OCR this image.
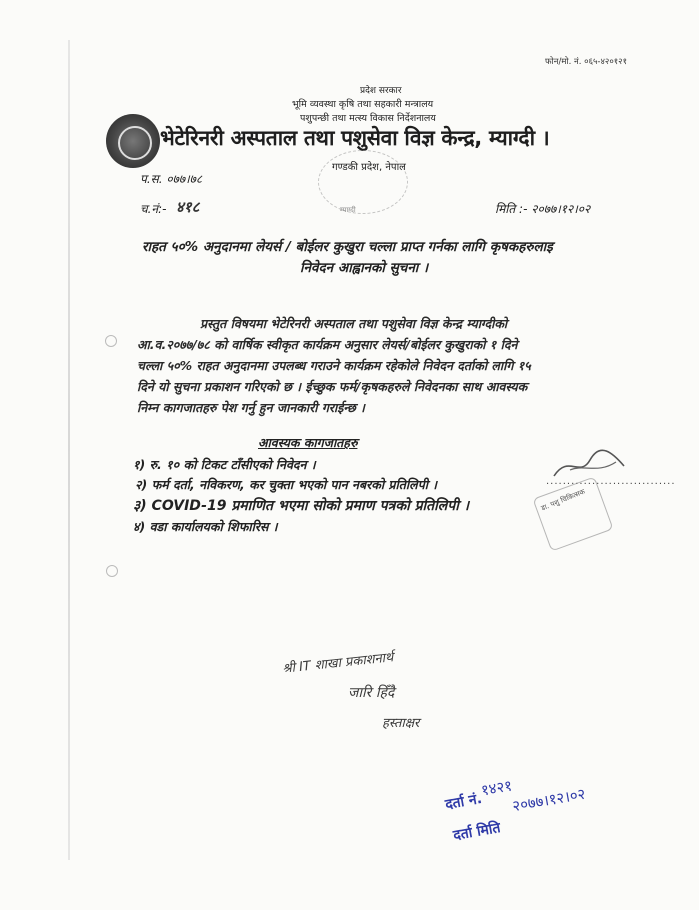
फोन/मो. नं. ०६५-४२०१२१
प्रदेश सरकार
भूमि व्यवस्था कृषि तथा सहकारी मन्त्रालय
पशुपन्छी तथा मत्स्य विकास निर्देशनालय
भेटेरिनरी अस्पताल तथा पशुसेवा विज्ञ केन्द्र, म्याग्दी ।
गण्डकी प्रदेश, नेपाल
म्याग्दी
प.स. ०७७।७८
च.नं:- ४१८	मिति :- २०७७।१२।०२
राहत ५०% अनुदानमा लेयर्स / बोईलर कुखुरा चल्ला प्राप्त गर्नका लागि कृषकहरुलाइ
निवेदन आह्वानको सुचना ।
प्रस्तुत विषयमा भेटेरिनरी अस्पताल तथा पशुसेवा विज्ञ केन्द्र म्याग्दीको
आ.व.२०७७/७८ को वार्षिक स्वीकृत कार्यक्रम अनुसार लेयर्स/बोईलर कुखुराको १ दिने
चल्ला ५०% राहत अनुदानमा उपलब्ध गराउने कार्यक्रम रहेकोले निवेदन दर्ताको लागि १५
दिने यो सुचना प्रकाशन गरिएको छ । ईच्छुक फर्म/कृषकहरुले निवेदनका साथ आवस्यक
निम्न कागजातहरु पेश गर्नु हुन जानकारी गराईन्छ ।
आवस्यक कागजातहरु
१) रु. १० को टिकट टाँसीएको निवेदन ।
२) फर्म दर्ता, नविकरण, कर चुक्ता भएको पान नबरको प्रतिलिपी ।
३) COVID-19 प्रमाणित भएमा सोको प्रमाण पत्रको प्रतिलिपी ।
४) वडा कार्यालयको शिफारिस ।
...............................
डा. पशु चिकित्सक
श्री IT शाखा प्रकाशनार्थ
जारि हिँदै
हस्ताक्षर
दर्ता नं.
१४२१
दर्ता मिति
२०७७।१२।०२
